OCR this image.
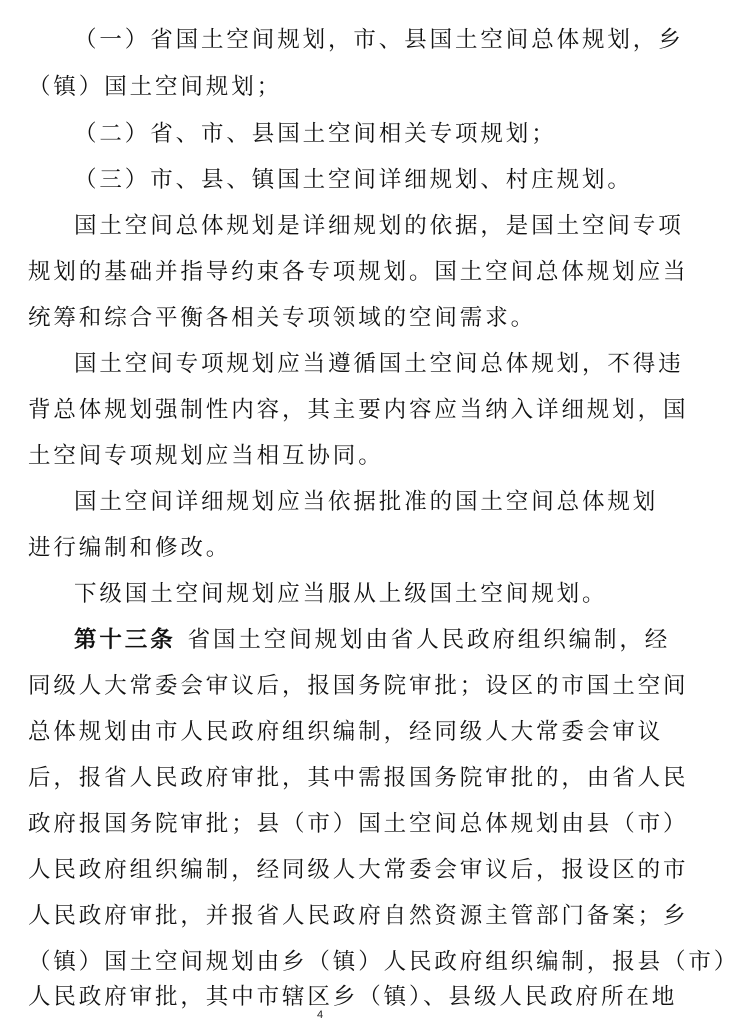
（一）省国土空间规划，市、县国土空间总体规划，乡
（镇）国土空间规划；
（二）省、市、县国土空间相关专项规划；
（三）市、县、镇国土空间详细规划、村庄规划。
国土空间总体规划是详细规划的依据，是国土空间专项
规划的基础并指导约束各专项规划。国土空间总体规划应当
统筹和综合平衡各相关专项领域的空间需求。
国土空间专项规划应当遵循国土空间总体规划，不得违
背总体规划强制性内容，其主要内容应当纳入详细规划，国
土空间专项规划应当相互协同。
国土空间详细规划应当依据批准的国土空间总体规划
进行编制和修改。
下级国土空间规划应当服从上级国土空间规划。
第十三条 省国土空间规划由省人民政府组织编制，经
同级人大常委会审议后，报国务院审批；设区的市国土空间
总体规划由市人民政府组织编制，经同级人大常委会审议
后，报省人民政府审批，其中需报国务院审批的，由省人民
政府报国务院审批；县（市）国土空间总体规划由县（市）
人民政府组织编制，经同级人大常委会审议后，报设区的市
人民政府审批，并报省人民政府自然资源主管部门备案；乡
（镇）国土空间规划由乡（镇）人民政府组织编制，报县（市）
人民政府审批，其中市辖区乡（镇）、县级人民政府所在地
4
